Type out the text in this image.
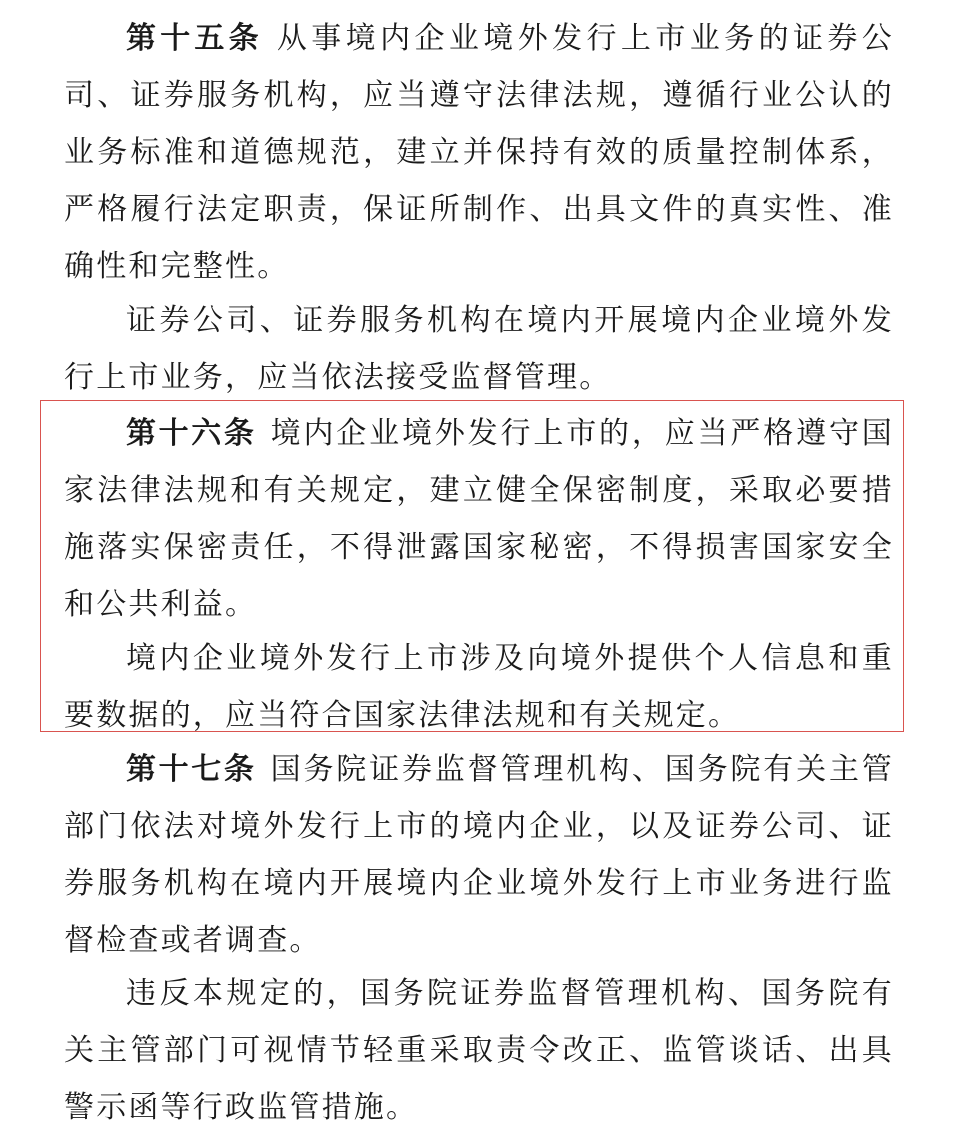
第十五条 从事境内企业境外发行上市业务的证券公司、证券服务机构，应当遵守法律法规，遵循行业公认的业务标准和道德规范，建立并保持有效的质量控制体系，严格履行法定职责，保证所制作、出具文件的真实性、准确性和完整性。

证券公司、证券服务机构在境内开展境内企业境外发行上市业务，应当依法接受监督管理。

第十六条 境内企业境外发行上市的，应当严格遵守国家法律法规和有关规定，建立健全保密制度，采取必要措施落实保密责任，不得泄露国家秘密，不得损害国家安全和公共利益。

境内企业境外发行上市涉及向境外提供个人信息和重要数据的，应当符合国家法律法规和有关规定。

第十七条 国务院证券监督管理机构、国务院有关主管部门依法对境外发行上市的境内企业，以及证券公司、证券服务机构在境内开展境内企业境外发行上市业务进行监督检查或者调查。

违反本规定的，国务院证券监督管理机构、国务院有关主管部门可视情节轻重采取责令改正、监管谈话、出具警示函等行政监管措施。
